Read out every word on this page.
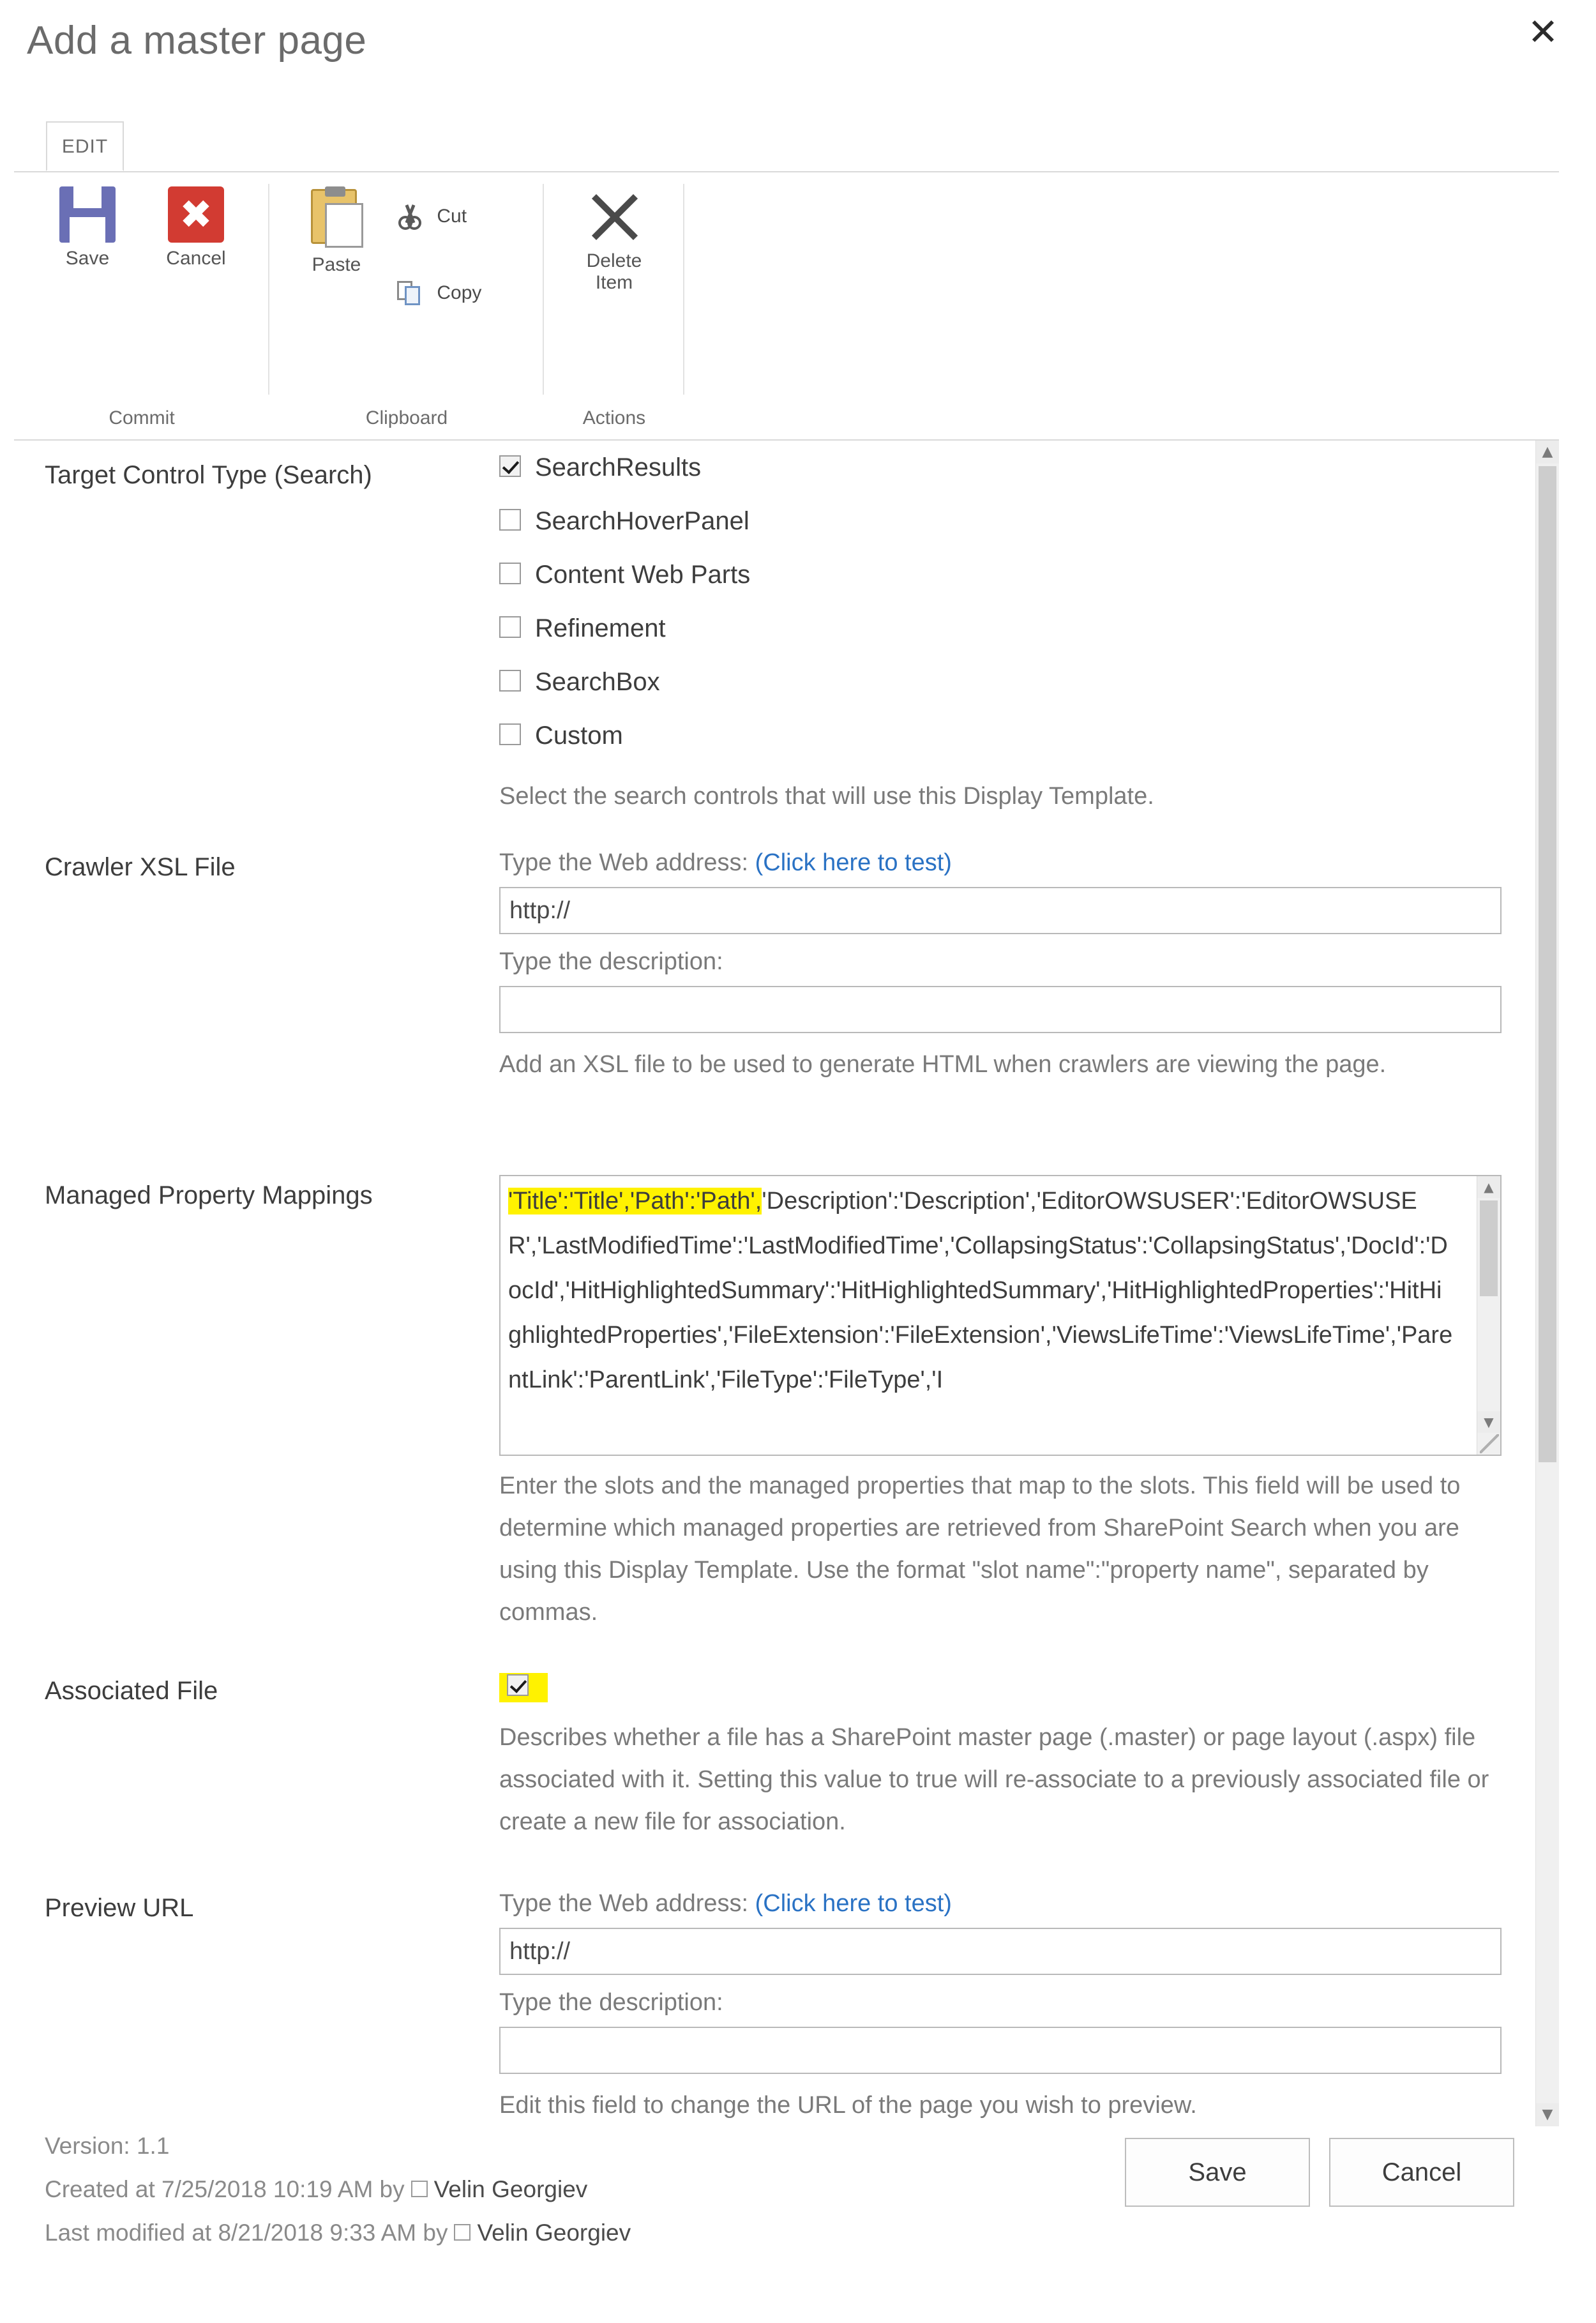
Add a master page	✕
EDIT
Save
✖
Cancel
Commit
Paste
Cut
Copy
Clipboard
Delete
Item
Actions
▲
▼
Target Control Type (Search)	SearchResults
SearchHoverPanel
Content Web Parts
Refinement
SearchBox
Custom
Select the search controls that will use this Display Template.
Crawler XSL File	Type the Web address: (Click here to test)
http://
Type the description:
Add an XSL file to be used to generate HTML when crawlers are viewing the page.
Managed Property Mappings	'Title':'Title','Path':'Path','Description':'Description','EditorOWSUSER':'EditorOWSUSER','LastModifiedTime':'LastModifiedTime','CollapsingStatus':'CollapsingStatus','DocId':'DocId','HitHighlightedSummary':'HitHighlightedSummary','HitHighlightedProperties':'HitHighlightedProperties','FileExtension':'FileExtension','ViewsLifeTime':'ViewsLifeTime','ParentLink':'ParentLink','FileType':'FileType','I
▲
▼
Enter the slots and the managed properties that map to the slots. This field will be used to determine which managed properties are retrieved from SharePoint Search when you are using this Display Template. Use the format "slot name":"property name", separated by commas.
Associated File
Describes whether a file has a SharePoint master page (.master) or page layout (.aspx) file associated with it. Setting this value to true will re-associate to a previously associated file or create a new file for association.
Preview URL	Type the Web address: (Click here to test)
http://
Type the description:
Edit this field to change the URL of the page you wish to preview.
Version: 1.1
Created at 7/25/2018 10:19 AM by Velin Georgiev
Last modified at 8/21/2018 9:33 AM by Velin Georgiev
Save	Cancel
